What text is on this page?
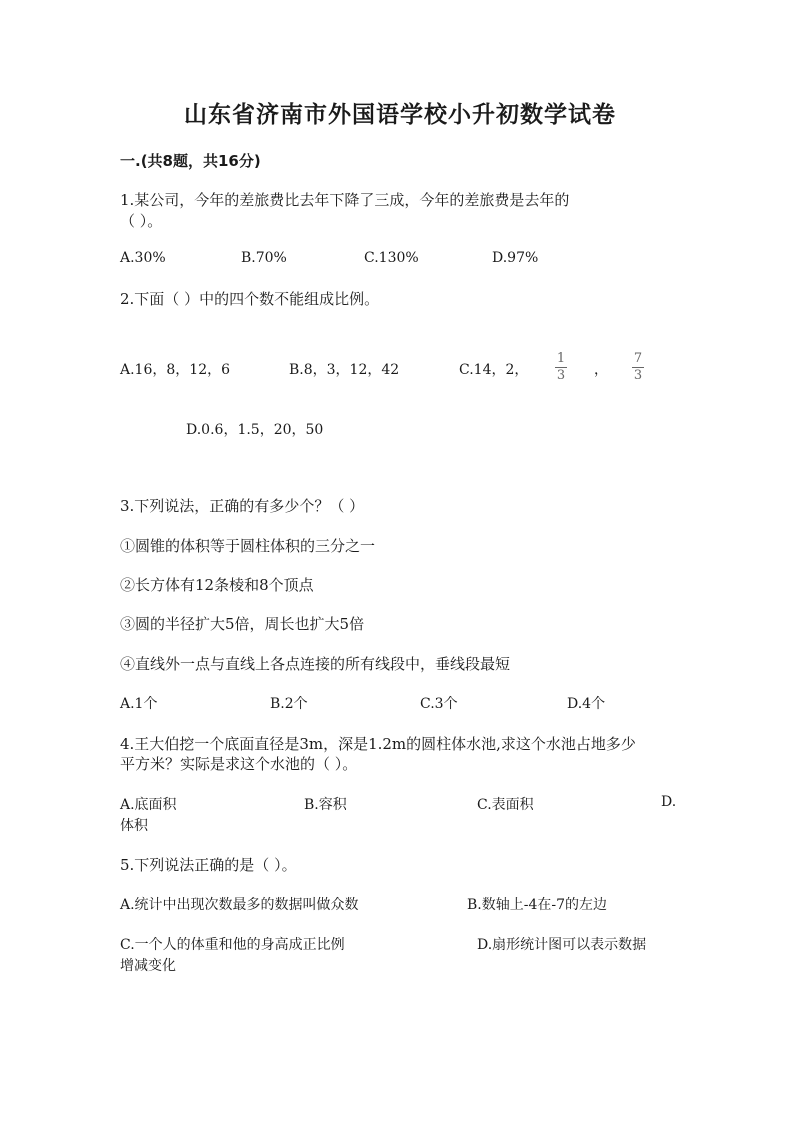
山东省济南市外国语学校小升初数学试卷
一.(共8题，共16分)
1.某公司，今年的差旅费比去年下降了三成，今年的差旅费是去年的
（ ）。
A.30%	B.70%	C.130%	D.97%
2.下面（ ）中的四个数不能组成比例。
A.16，8，12，6	B.8，3，12，42	C.14，2，
1
3 ，
7
3
D.0.6，1.5，20，50
3.下列说法，正确的有多少个？（ ）
①圆锥的体积等于圆柱体积的三分之一
②长方体有12条棱和8个顶点
③圆的半径扩大5倍，周长也扩大5倍
④直线外一点与直线上各点连接的所有线段中，垂线段最短
A.1个	B.2个	C.3个	D.4个
4.王大伯挖一个底面直径是3m，深是1.2m的圆柱体水池,求这个水池占地多少
平方米？实际是求这个水池的（ ）。
A.底面积	B.容积	C.表面积	D.
体积
5.下列说法正确的是（ ）。
A.统计中出现次数最多的数据叫做众数	B.数轴上-4在-7的左边
C.一个人的体重和他的身高成正比例	D.扇形统计图可以表示数据
增减变化
